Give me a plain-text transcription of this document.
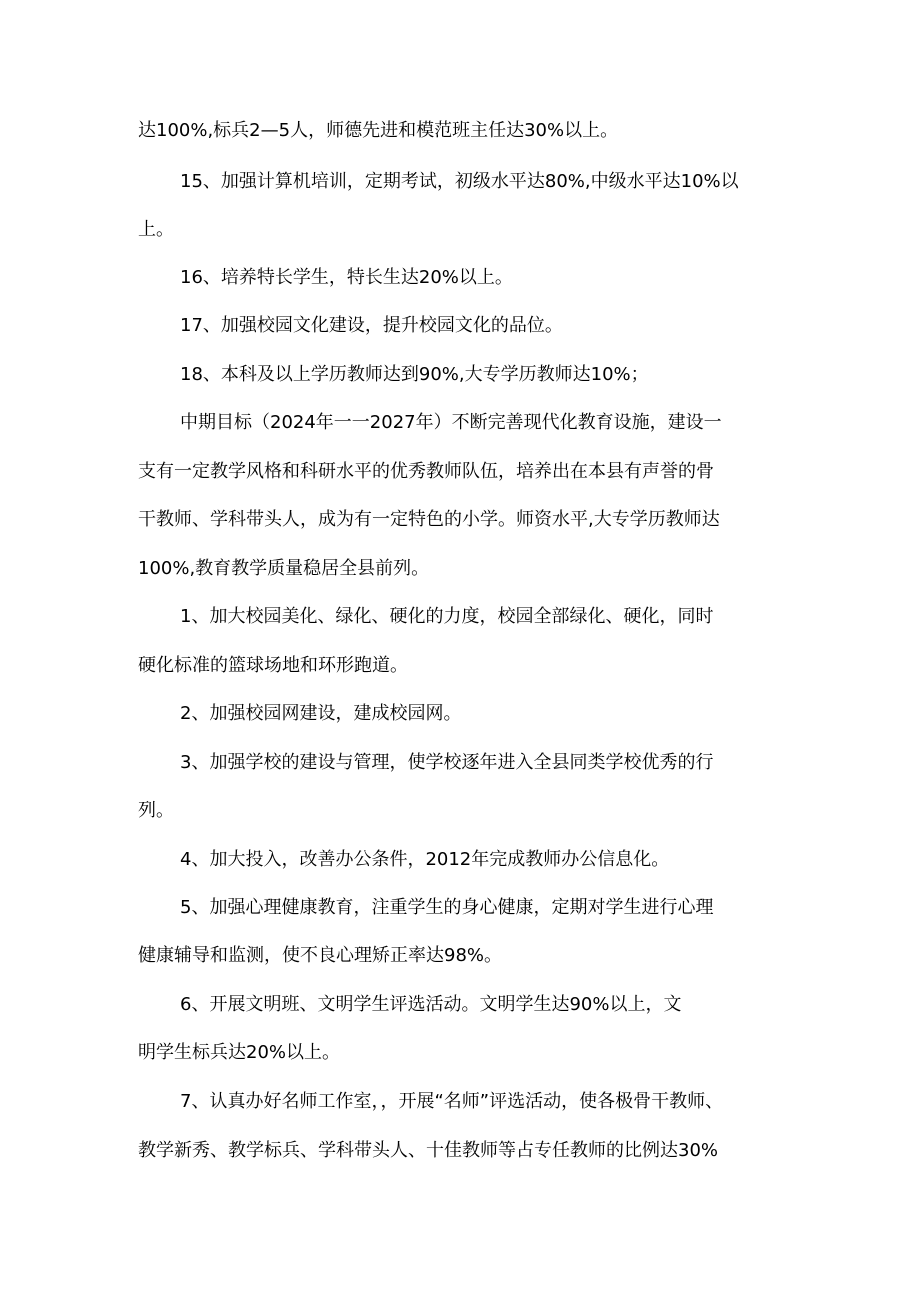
达100%,标兵2—5人，师德先进和模范班主任达30%以上。

15、加强计算机培训，定期考试，初级水平达80%,中级水平达10%以

上。

16、培养特长学生，特长生达20%以上。

17、加强校园文化建设，提升校园文化的品位。

18、本科及以上学历教师达到90%,大专学历教师达10%；

中期目标（2024年一一2027年）不断完善现代化教育设施，建设一

支有一定教学风格和科研水平的优秀教师队伍，培养出在本县有声誉的骨

干教师、学科带头人，成为有一定特色的小学。师资水平,大专学历教师达

100%,教育教学质量稳居全县前列。

1、加大校园美化、绿化、硬化的力度，校园全部绿化、硬化，同时

硬化标准的篮球场地和环形跑道。

2、加强校园网建设，建成校园网。

3、加强学校的建设与管理，使学校逐年进入全县同类学校优秀的行

列。

4、加大投入，改善办公条件，2012年完成教师办公信息化。

5、加强心理健康教育，注重学生的身心健康，定期对学生进行心理

健康辅导和监测，使不良心理矫正率达98%。

6、开展文明班、文明学生评选活动。文明学生达90%以上，文

明学生标兵达20%以上。

7、认真办好名师工作室，，开展“名师”评选活动，使各极骨干教师、

教学新秀、教学标兵、学科带头人、十佳教师等占专任教师的比例达30%
